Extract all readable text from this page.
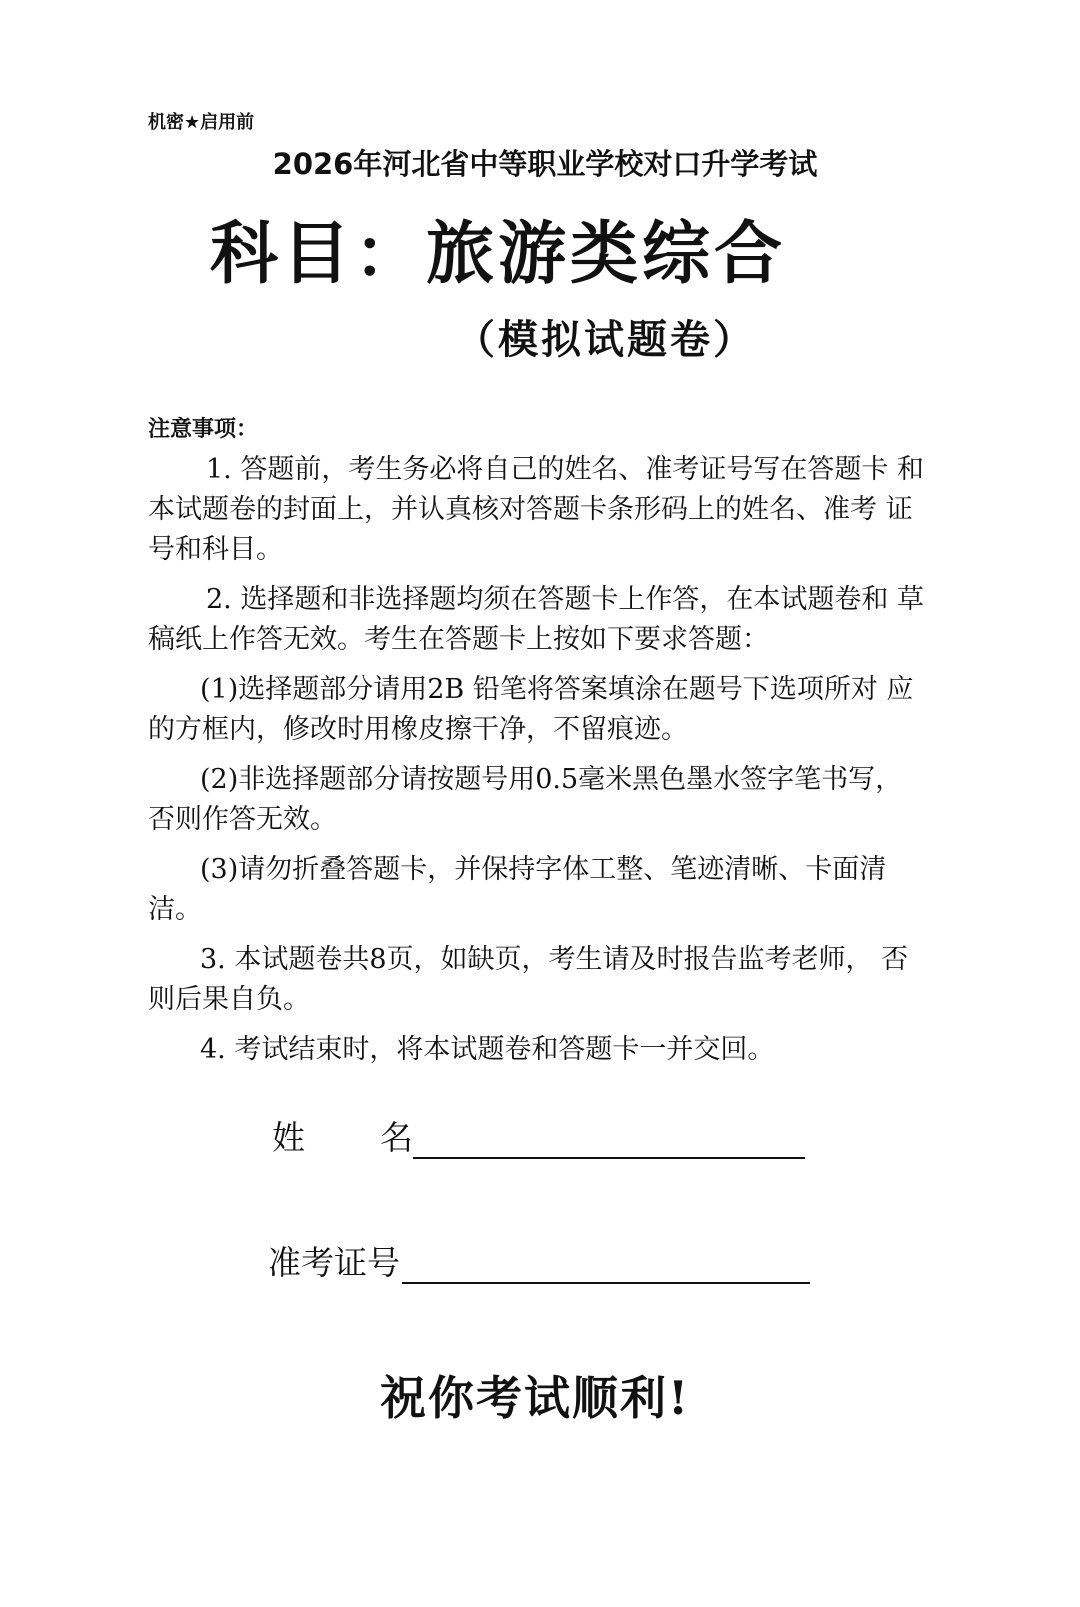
机密★启用前
2026年河北省中等职业学校对口升学考试
科目：旅游类综合
（模拟试题卷）
注意事项：

1. 答题前，考生务必将自己的姓名、准考证号写在答题卡 和本试题卷的封面上，并认真核对答题卡条形码上的姓名、准考 证号和科目。

2. 选择题和非选择题均须在答题卡上作答，在本试题卷和 草稿纸上作答无效。考生在答题卡上按如下要求答题：

(1)选择题部分请用2B 铅笔将答案填涂在题号下选项所对 应的方框内，修改时用橡皮擦干净，不留痕迹。

(2)非选择题部分请按题号用0.5毫米黑色墨水签字笔书写， 否则作答无效。

(3)请勿折叠答题卡，并保持字体工整、笔迹清晰、卡面清 洁。

3. 本试题卷共8页，如缺页，考生请及时报告监考老师， 否则后果自负。

4. 考试结束时，将本试题卷和答题卡一并交回。

姓名
准考证号
祝你考试顺利!
